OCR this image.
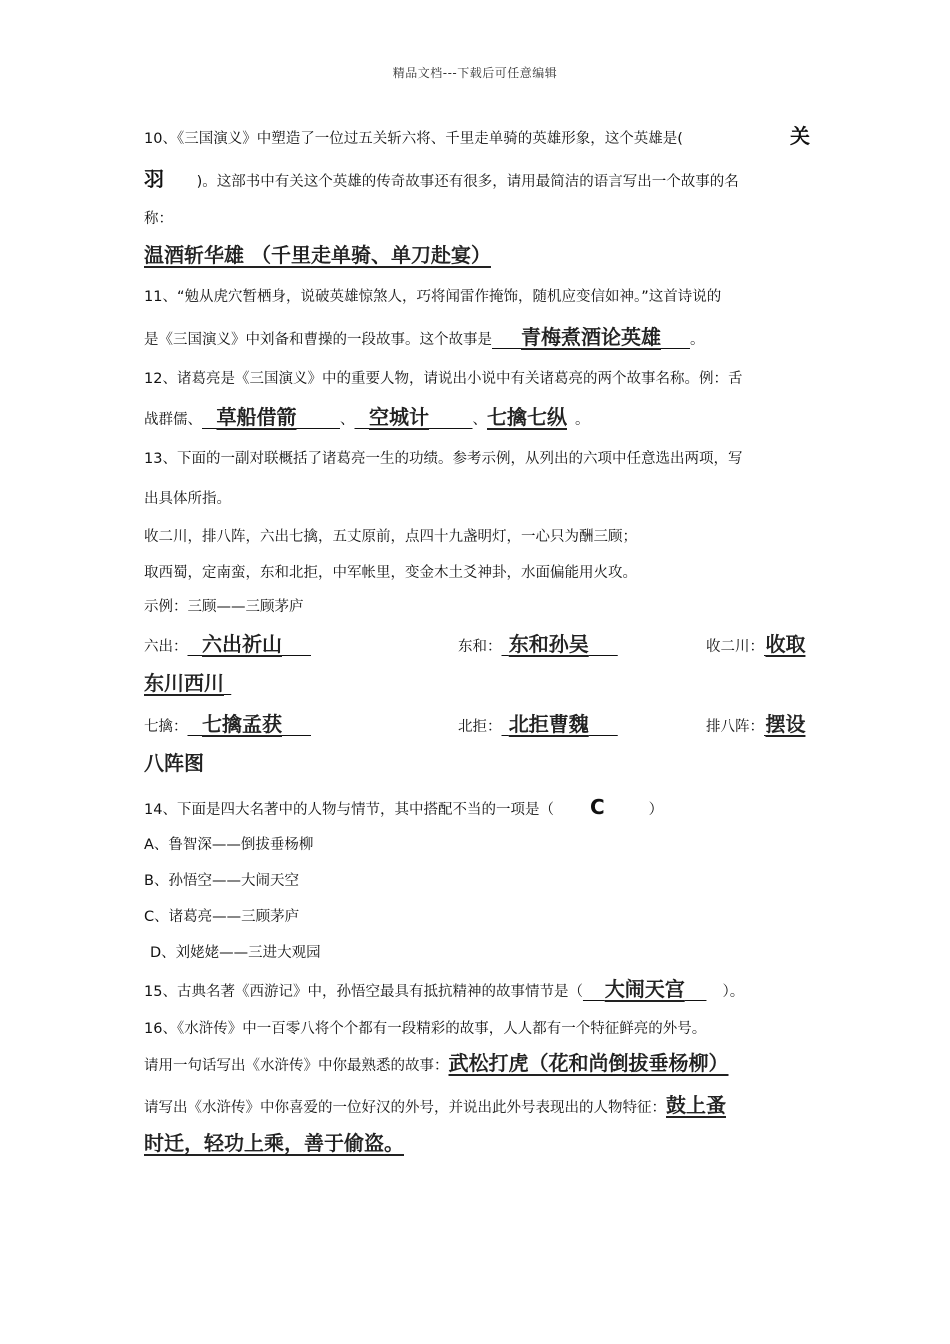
精品文档---下载后可任意编辑
10、《三国演义》中塑造了一位过五关斩六将、千里走单骑的英雄形象，这个英雄是(	关
羽 )。这部书中有关这个英雄的传奇故事还有很多，请用最简洁的语言写出一个故事的名
称：
温酒斩华雄 （千里走单骑、单刀赴宴）
11、“勉从虎穴暂栖身，说破英雄惊煞人，巧将闻雷作掩饰，随机应变信如神。”这首诗说的
是《三国演义》中刘备和曹操的一段故事。这个故事是   青梅煮酒论英雄   。
12、诸葛亮是《三国演义》中的重要人物，请说出小说中有关诸葛亮的两个故事名称。例：舌
战群儒、  草船借箭   	、  空城计   	、七擒七纵 。
13、下面的一副对联概括了诸葛亮一生的功绩。参考示例，从列出的六项中任意选出两项，写
出具体所指。
收二川，排八阵，六出七擒，五丈原前，点四十九盏明灯，一心只为酬三顾；
取西蜀，定南蛮，东和北拒，中军帐里，变金木土爻神卦，水面偏能用火攻。
示例：三顾——三顾茅庐
六出：  六出祈山  	东和：  东和孙吴  	收二川： 收取
东川西川 
七擒：  七擒孟获  	北拒：  北拒曹魏  	排八阵： 摆设
八阵图
14、下面是四大名著中的人物与情节，其中搭配不当的一项是（ C	）
A、鲁智深——倒拔垂杨柳
B、孙悟空——大闹天空
C、诸葛亮——三顾茅庐
D、刘姥姥——三进大观园
15、古典名著《西游记》中，孙悟空最具有抵抗精神的故事情节是（   大闹天宫  	）。
16、《水浒传》中一百零八将个个都有一段精彩的故事，人人都有一个特征鲜亮的外号。
请用一句话写出《水浒传》中你最熟悉的故事：武松打虎（花和尚倒拔垂杨柳）
请写出《水浒传》中你喜爱的一位好汉的外号，并说出此外号表现出的人物特征：鼓上蚤
时迁，轻功上乘，善于偷盗。
